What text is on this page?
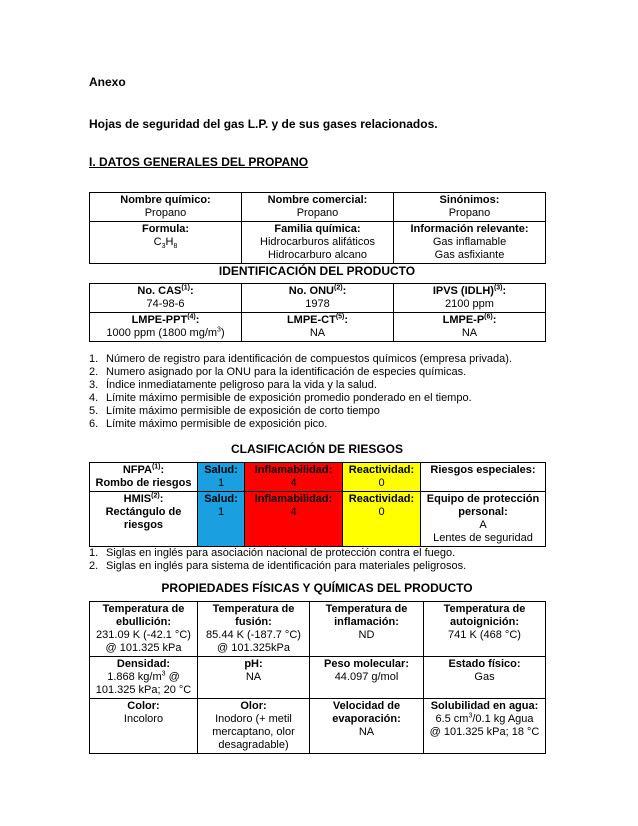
Anexo
Hojas de seguridad del gas L.P. y de sus gases relacionados.
I. DATOS GENERALES DEL PROPANO
Nombre químico:
Propano	Nombre comercial:
Propano	Sinónimos:
Propano

Formula:
$C_3H_8$	Familia química:
Hidrocarburos alifáticos
Hidrocarburo alcano	Información relevante:
Gas inflamable
Gas asfixiante
IDENTIFICACIÓN DEL PRODUCTO
No. CAS$^{(1)}$:
74-98-6	No. ONU$^{(2)}$:
1978	IPVS (IDLH)$^{(3)}$:
2100 ppm

LMPE-PPT$^{(4)}$:
1000 ppm (1800 $mg/m^3$)	LMPE-CT$^{(5)}$:
NA	LMPE-$P^{(6)}$:
NA
1. Número de registro para identificación de compuestos químicos (empresa privada).
2. Numero asignado por la ONU para la identificación de especies químicas.
3. Índice inmediatamente peligroso para la vida y la salud.
4. Límite máximo permisible de exposición promedio ponderado en el tiempo.
5. Límite máximo permisible de exposición de corto tiempo
6. Límite máximo permisible de exposición pico.
CLASIFICACIÓN DE RIESGOS
NFPA$^{(1)}$:
Rombo de riesgos	Salud:
1	Inflamabilidad:
4	Reactividad:
0	Riesgos especiales:

HMIS$^{(2)}$:
Rectángulo de
riesgos	Salud:
1	Inflamabilidad:
4	Reactividad:
0	Equipo de protección
personal:
A
Lentes de seguridad
1. Siglas en inglés para asociación nacional de protección contra el fuego.
2. Siglas en inglés para sistema de identificación para materiales peligrosos.
PROPIEDADES FÍSICAS Y QUÍMICAS DEL PRODUCTO
Temperatura de
ebullición:
231.09 K (-42.1 °C)
@ 101.325 kPa	Temperatura de
fusión:
85.44 K (-187.7 °C)
@ 101.325kPa	Temperatura de
inflamación:
ND	Temperatura de
autoignición:
741 K (468 °C)

Densidad:
1.868 $kg/m^3$ @
101.325 kPa; 20 °C	pH:
NA	Peso molecular:
44.097 g/mol	Estado físico:
Gas

Color:
Incoloro	Olor:
Inodoro (+ metil
mercaptano, olor
desagradable)	Velocidad de
evaporación:
NA	Solubilidad en agua:
6.5 $cm^3/0.1$ kg Agua
@ 101.325 kPa; 18 °C
